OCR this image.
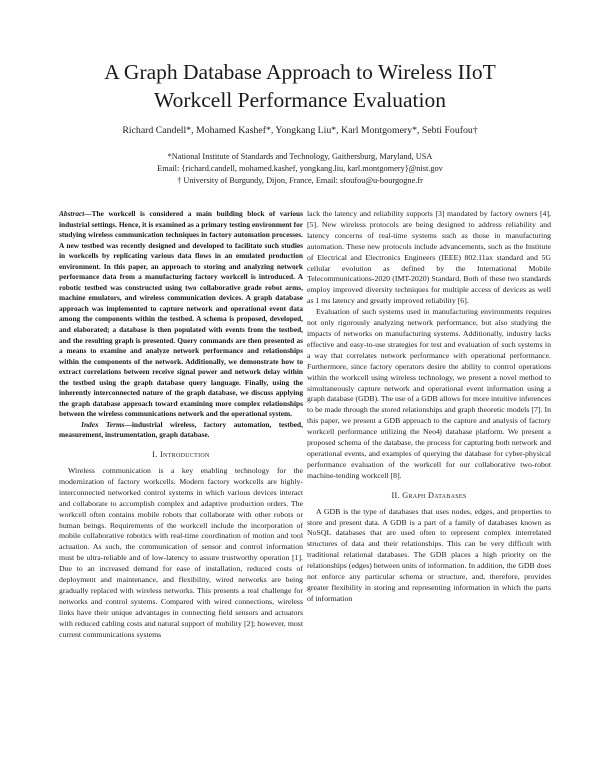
A Graph Database Approach to Wireless IIoT
Workcell Performance Evaluation
Richard Candell*, Mohamed Kashef*, Yongkang Liu*, Karl Montgomery*, Sebti Foufou†
*National Institute of Standards and Technology, Gaithersburg, Maryland, USA
Email: {richard.candell, mohamed.kashef, yongkang.liu, karl.montgomery}@nist.gov
† University of Burgundy, Dijon, France, Email: sfoufou@u-bourgogne.fr

Abstract—The workcell is considered a main building block of various industrial settings. Hence, it is examined as a primary testing environment for studying wireless communication techniques in factory automation processes. A new testbed was recently designed and developed to facilitate such studies in workcells by replicating various data flows in an emulated production environment. In this paper, an approach to storing and analyzing network performance data from a manufacturing factory workcell is introduced. A robotic testbed was constructed using two collaborative grade robot arms, machine emulators, and wireless communication devices. A graph database approach was implemented to capture network and operational event data among the components within the testbed. A schema is proposed, developed, and elaborated; a database is then populated with events from the testbed, and the resulting graph is presented. Query commands are then presented as a means to examine and analyze network performance and relationships within the components of the network. Additionally, we demonstrate how to extract correlations between receive signal power and network delay within the testbed using the graph database query language. Finally, using the inherently interconnected nature of the graph database, we discuss applying the graph database approach toward examining more complex relationships between the wireless communications network and the operational system.

Index Terms—industrial wireless, factory automation, testbed, measurement, instrumentation, graph database.

I. Introduction

Wireless communication is a key enabling technology for the modernization of factory workcells. Modern factory workcells are highly-interconnected networked control systems in which various devices interact and collaborate to accomplish complex and adaptive production orders. The workcell often contains mobile robots that collaborate with other robots or human beings. Requirements of the workcell include the incorporation of mobile collaborative robotics with real-time coordination of motion and tool actuation. As such, the communication of sensor and control information must be ultra-reliable and of low-latency to assure trustworthy operation [1]. Due to an increased demand for ease of installation, reduced costs of deployment and maintenance, and flexibility, wired networks are being gradually replaced with wireless networks. This presents a real challenge for networks and control systems. Compared with wired connections, wireless links have their unique advantages in connecting field sensors and actuators with reduced cabling costs and natural support of mobility [2]; however, most current communications systems

lack the latency and reliability supports [3] mandated by factory owners [4], [5]. New wireless protocols are being designed to address reliability and latency concerns of real-time systems such as those in manufacturing automation. These new protocols include advancements, such as the Institute of Electrical and Electronics Engineers (IEEE) 802.11ax standard and 5G cellular evolution as defined by the International Mobile Telecommunications-2020 (IMT-2020) Standard. Both of these two standards employ improved diversity techniques for multiple access of devices as well as 1 ms latency and greatly improved reliability [6].

Evaluation of such systems used in manufacturing environments requires not only rigorously analyzing network performance, but also studying the impacts of networks on manufacturing systems. Additionally, industry lacks effective and easy-to-use strategies for test and evaluation of such systems in a way that correlates network performance with operational performance. Furthermore, since factory operators desire the ability to control operations within the workcell using wireless technology, we present a novel method to simultaneously capture network and operational event information using a graph database (GDB). The use of a GDB allows for more intuitive inferences to be made through the stored relationships and graph theoretic models [7]. In this paper, we present a GDB approach to the capture and analysis of factory workcell performance utilizing the Neo4j database platform. We present a proposed schema of the database, the process for capturing both network and operational events, and examples of querying the database for cyber-physical performance evaluation of the workcell for our collaborative two-robot machine-tending workcell [8].

II. Graph Databases

A GDB is the type of databases that uses nodes, edges, and properties to store and present data. A GDB is a part of a family of databases known as NoSQL databases that are used often to represent complex interrelated structures of data and their relationships. This can be very difficult with traditional relational databases. The GDB places a high priority on the relationships (edges) between units of information. In addition, the GDB does not enforce any particular schema or structure, and, therefore, provides greater flexibility in storing and representing information in which the parts of information
